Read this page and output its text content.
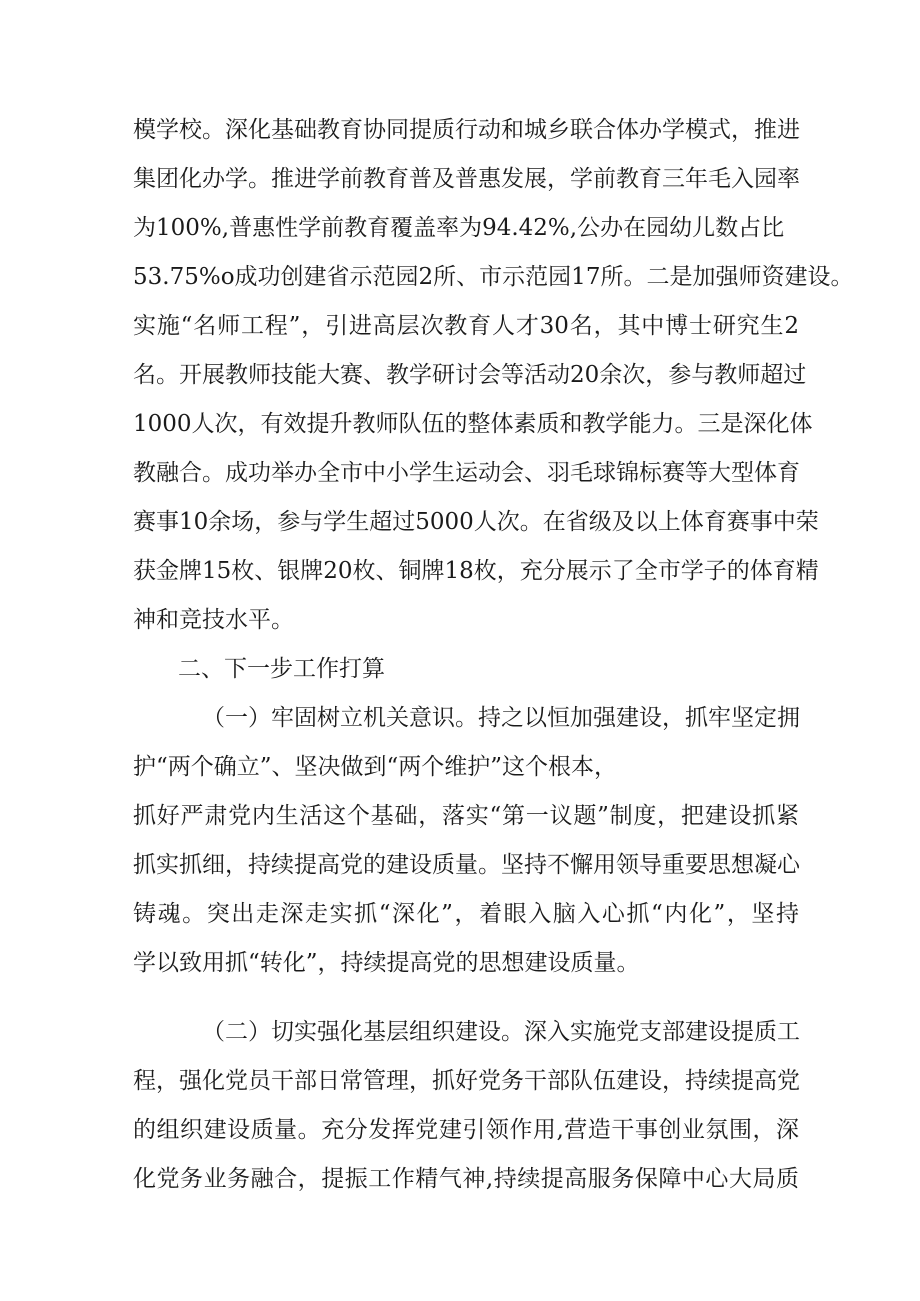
模学校。深化基础教育协同提质行动和城乡联合体办学模式，推进
集团化办学。推进学前教育普及普惠发展，学前教育三年毛入园率
为100%,普惠性学前教育覆盖率为94.42%,公办在园幼儿数占比
53.75%o成功创建省示范园2所、市示范园17所。二是加强师资建设。
实施“名师工程”，引进高层次教育人才30名，其中博士研究生2
名。开展教师技能大赛、教学研讨会等活动20余次，参与教师超过
1000人次，有效提升教师队伍的整体素质和教学能力。三是深化体
教融合。成功举办全市中小学生运动会、羽毛球锦标赛等大型体育
赛事10余场，参与学生超过5000人次。在省级及以上体育赛事中荣
获金牌15枚、银牌20枚、铜牌18枚，充分展示了全市学子的体育精
神和竞技水平。
二、下一步工作打算
（一）牢固树立机关意识。持之以恒加强建设，抓牢坚定拥
护“两个确立”、坚决做到“两个维护”这个根本，
抓好严肃党内生活这个基础，落实“第一议题”制度，把建设抓紧
抓实抓细，持续提高党的建设质量。坚持不懈用领导重要思想凝心
铸魂。突出走深走实抓“深化”，着眼入脑入心抓“内化”，坚持
学以致用抓“转化”，持续提高党的思想建设质量。
（二）切实强化基层组织建设。深入实施党支部建设提质工
程，强化党员干部日常管理，抓好党务干部队伍建设，持续提高党
的组织建设质量。充分发挥党建引领作用,营造干事创业氛围，深
化党务业务融合，提振工作精气神,持续提高服务保障中心大局质
